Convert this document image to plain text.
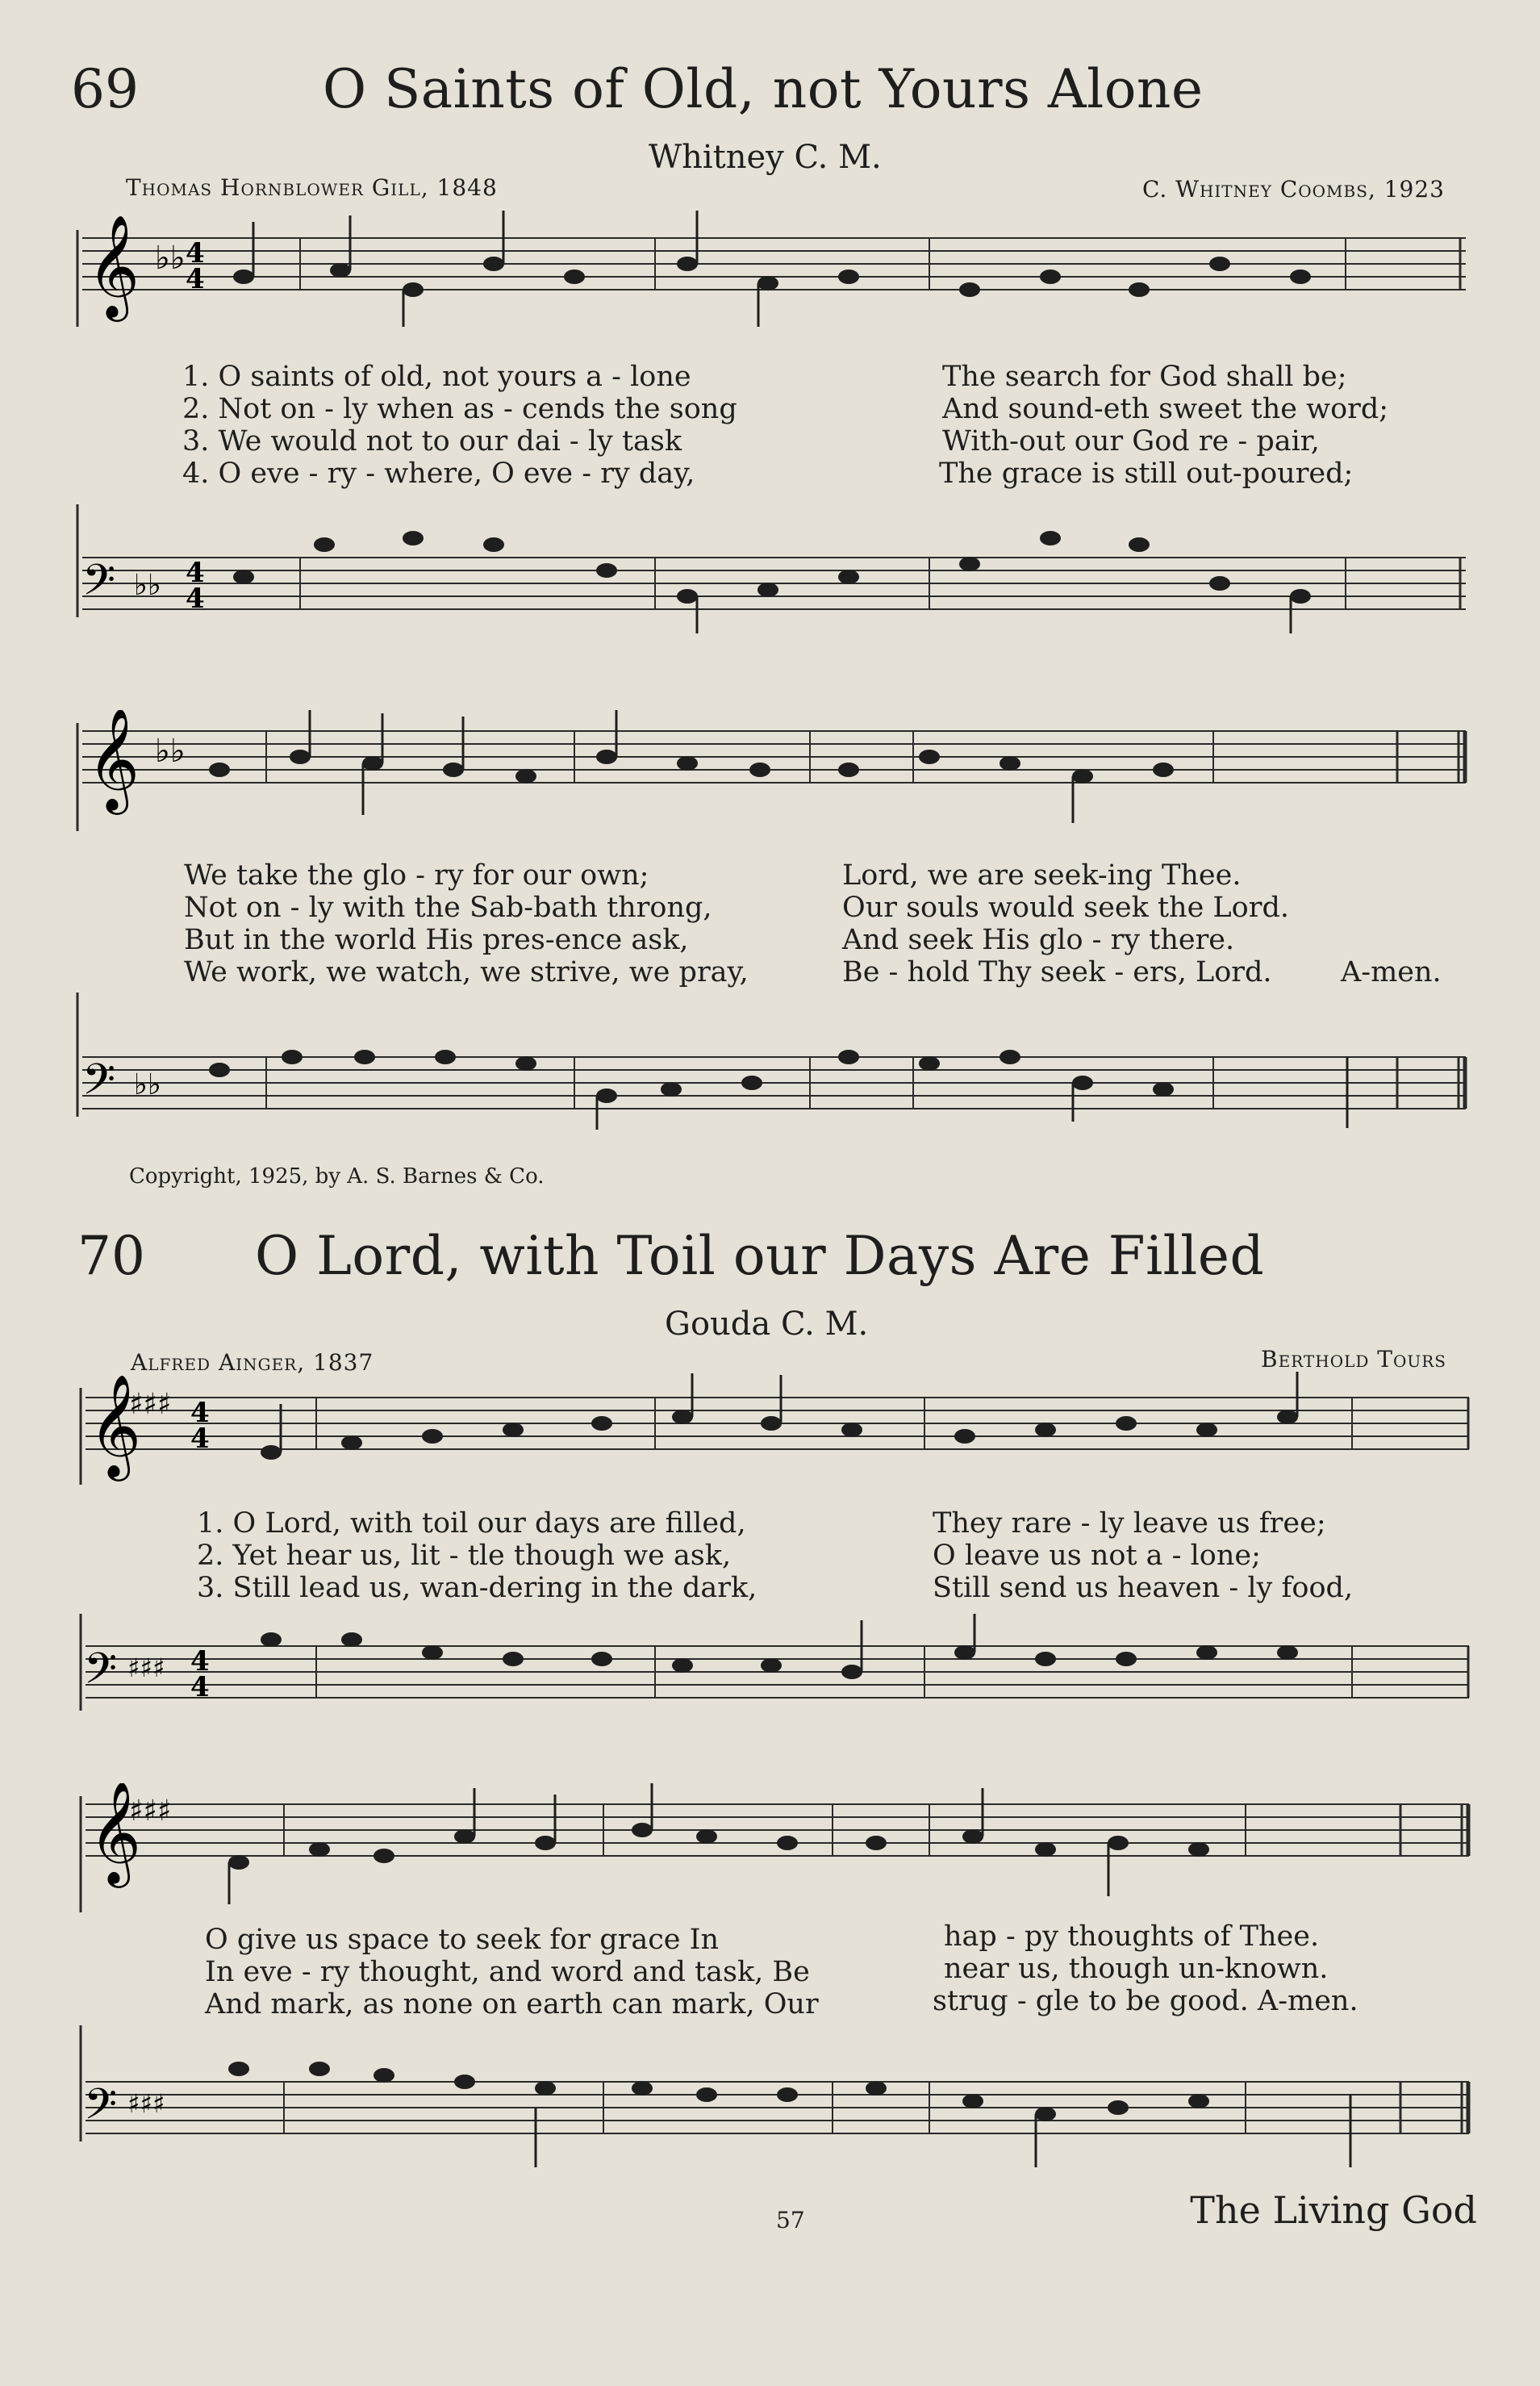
69	O Saints of Old, not Yours Alone
Whitney C. M.
Thomas Hornblower Gill, 1848	C. Whitney Coombs, 1923
𝄞 ♭♭ 4
4
1. O saints of old, not yours a - lone	The search for God shall be;
2. Not on - ly when as - cends the song	And sound-eth sweet the word;
3. We would not to our dai - ly task	With-out our God re - pair,
4. O eve - ry - where, O eve - ry day,	The grace is still out-poured;
𝄢 ♭♭ 4
4
𝄞 ♭♭
We take the glo - ry for our own;	Lord, we are seek-ing Thee.
Not on - ly with the Sab-bath throng,	Our souls would seek the Lord.
But in the world His pres-ence ask,	And seek His glo - ry there.
We work, we watch, we strive, we pray,	Be - hold Thy seek - ers, Lord. A-men.
𝄢 ♭♭
Copyright, 1925, by A. S. Barnes & Co.
70 O Lord, with Toil our Days Are Filled
Gouda C. M.
Alfred Ainger, 1837	Berthold Tours
𝄞
♯♯♯ 4
4
1. O Lord, with toil our days are filled,	They rare - ly leave us free;
2. Yet hear us, lit - tle though we ask,	O leave us not a - lone;
3. Still lead us, wan-dering in the dark,	Still send us heaven - ly food,
𝄢 ♯♯♯ 4
4
𝄞
♯♯♯
O give us space to seek for grace In	hap - py thoughts of Thee.
In eve - ry thought, and word and task, Be	near us, though un-known.
And mark, as none on earth can mark, Our	strug - gle to be good. A-men.
𝄢 ♯♯♯
57	The Living God
